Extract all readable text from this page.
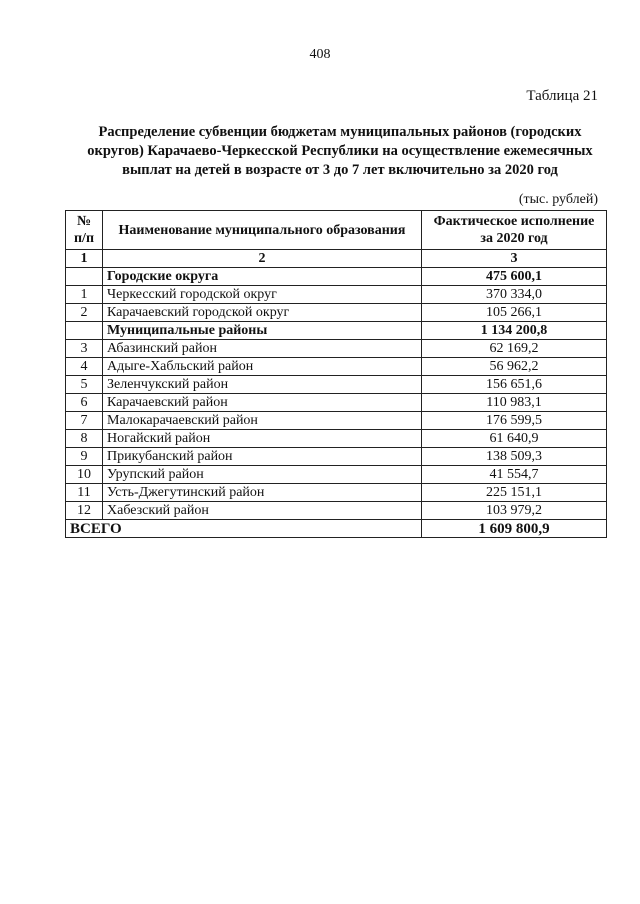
408
Таблица 21
Распределение субвенции бюджетам муниципальных районов (городских округов) Карачаево-Черкесской Республики на осуществление ежемесячных выплат на детей в возрасте от 3 до 7 лет включительно за 2020 год
(тыс. рублей)
№ п/п	Наименование муниципального образования	Фактическое исполнение за 2020 год
1	2	3
	Городские округа	475 600,1
1	Черкесский городской округ	370 334,0
2	Карачаевский городской округ	105 266,1
	Муниципальные районы	1 134 200,8
3	Абазинский район	62 169,2
4	Адыге-Хабльский район	56 962,2
5	Зеленчукский район	156 651,6
6	Карачаевский район	110 983,1
7	Малокарачаевский район	176 599,5
8	Ногайский район	61 640,9
9	Прикубанский район	138 509,3
10	Урупский район	41 554,7
11	Усть-Джегутинский район	225 151,1
12	Хабезский район	103 979,2
ВСЕГО		1 609 800,9
